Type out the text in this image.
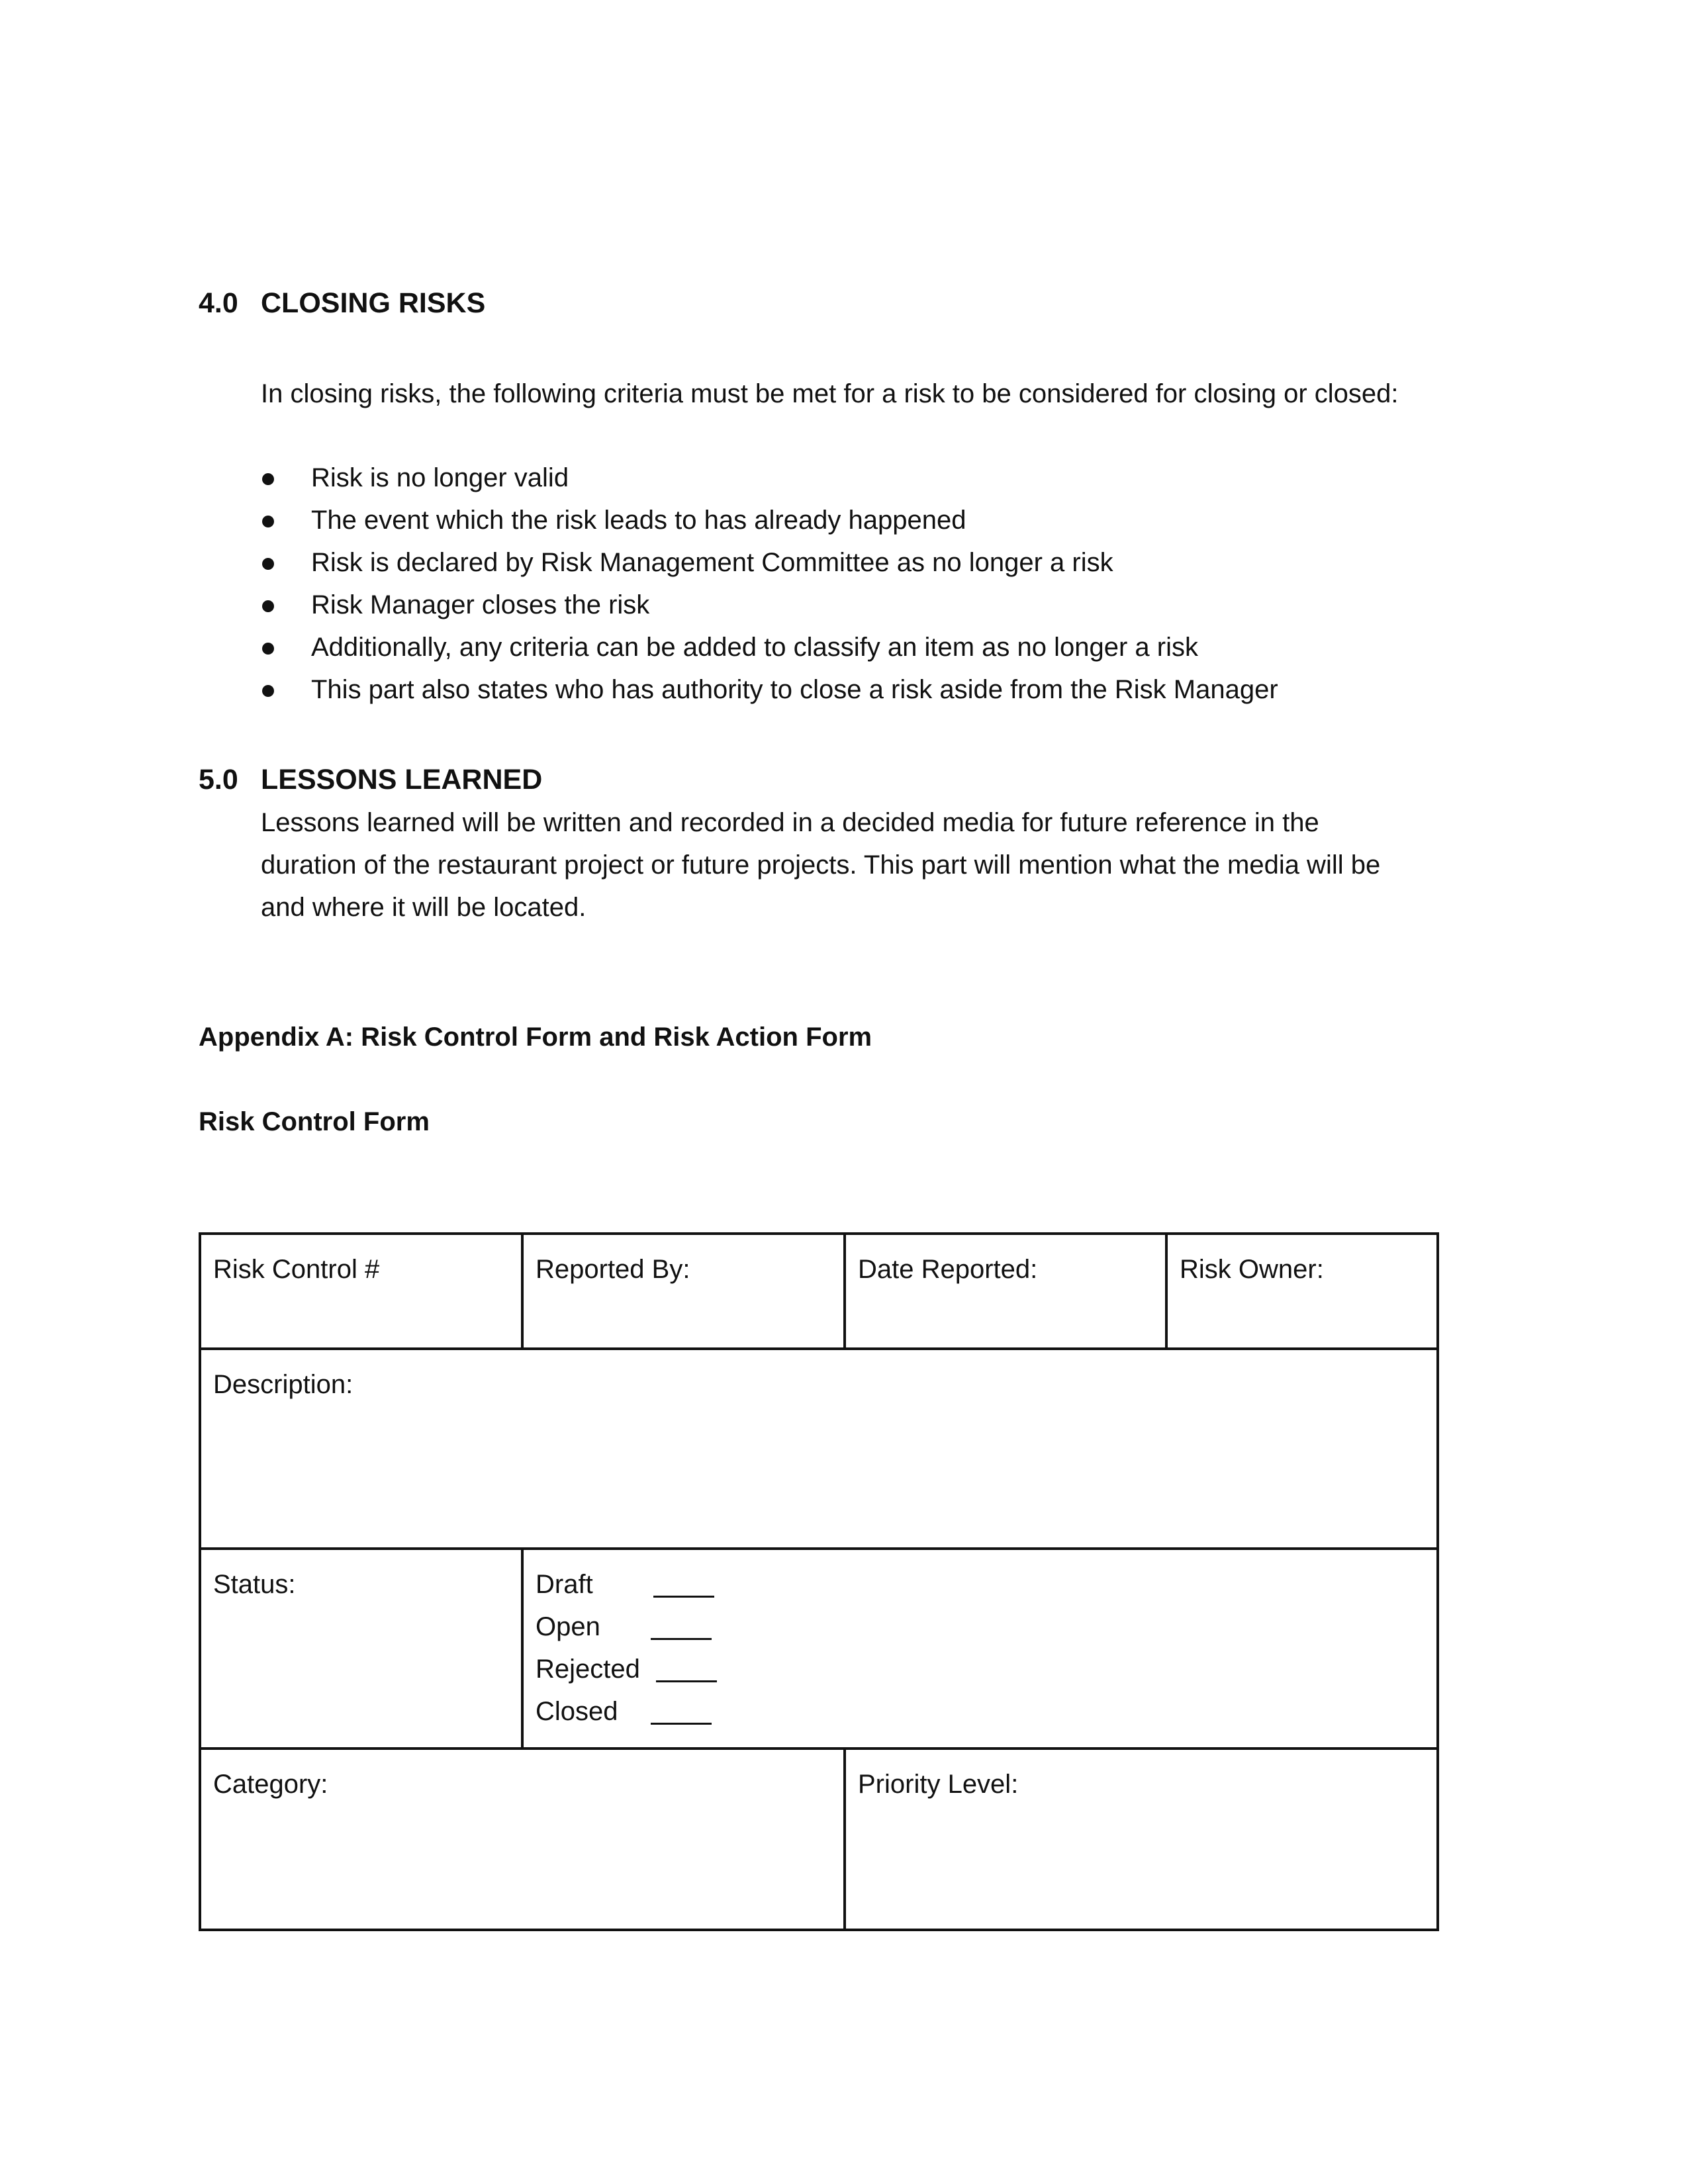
4.0 CLOSING RISKS

In closing risks, the following criteria must be met for a risk to be considered for closing or closed:

Risk is no longer valid
The event which the risk leads to has already happened
Risk is declared by Risk Management Committee as no longer a risk
Risk Manager closes the risk
Additionally, any criteria can be added to classify an item as no longer a risk
This part also states who has authority to close a risk aside from the Risk Manager
5.0 LESSONS LEARNED

Lessons learned will be written and recorded in a decided media for future reference in the

duration of the restaurant project or future projects. This part will mention what the media will be

and where it will be located.

Appendix A: Risk Control Form and Risk Action Form
Risk Control Form
Risk Control #	Reported By:	Date Reported:	Risk Owner:
Description:
Status:	Draft
Open
Rejected
Closed
Category:	Priority Level:
